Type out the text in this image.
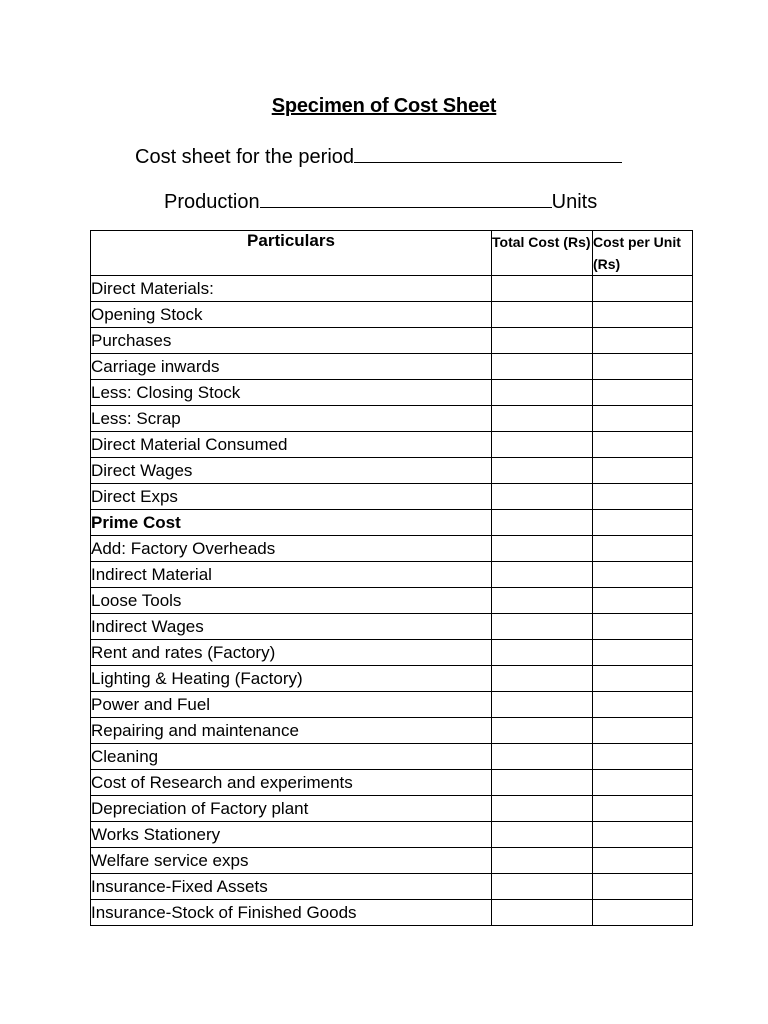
Specimen of Cost Sheet
Cost sheet for the period
Production	Units
Particulars	Total Cost (Rs)	Cost per Unit (Rs)
Direct Materials:		
Opening Stock		
Purchases		
Carriage inwards		
Less: Closing Stock		
Less: Scrap		
Direct Material Consumed		
Direct Wages		
Direct Exps		
Prime Cost		
Add: Factory Overheads		
Indirect Material		
Loose Tools		
Indirect Wages		
Rent and rates (Factory)		
Lighting & Heating (Factory)		
Power and Fuel		
Repairing and maintenance		
Cleaning		
Cost of Research and experiments		
Depreciation of Factory plant		
Works Stationery		
Welfare service exps		
Insurance-Fixed Assets		
Insurance-Stock of Finished Goods		
